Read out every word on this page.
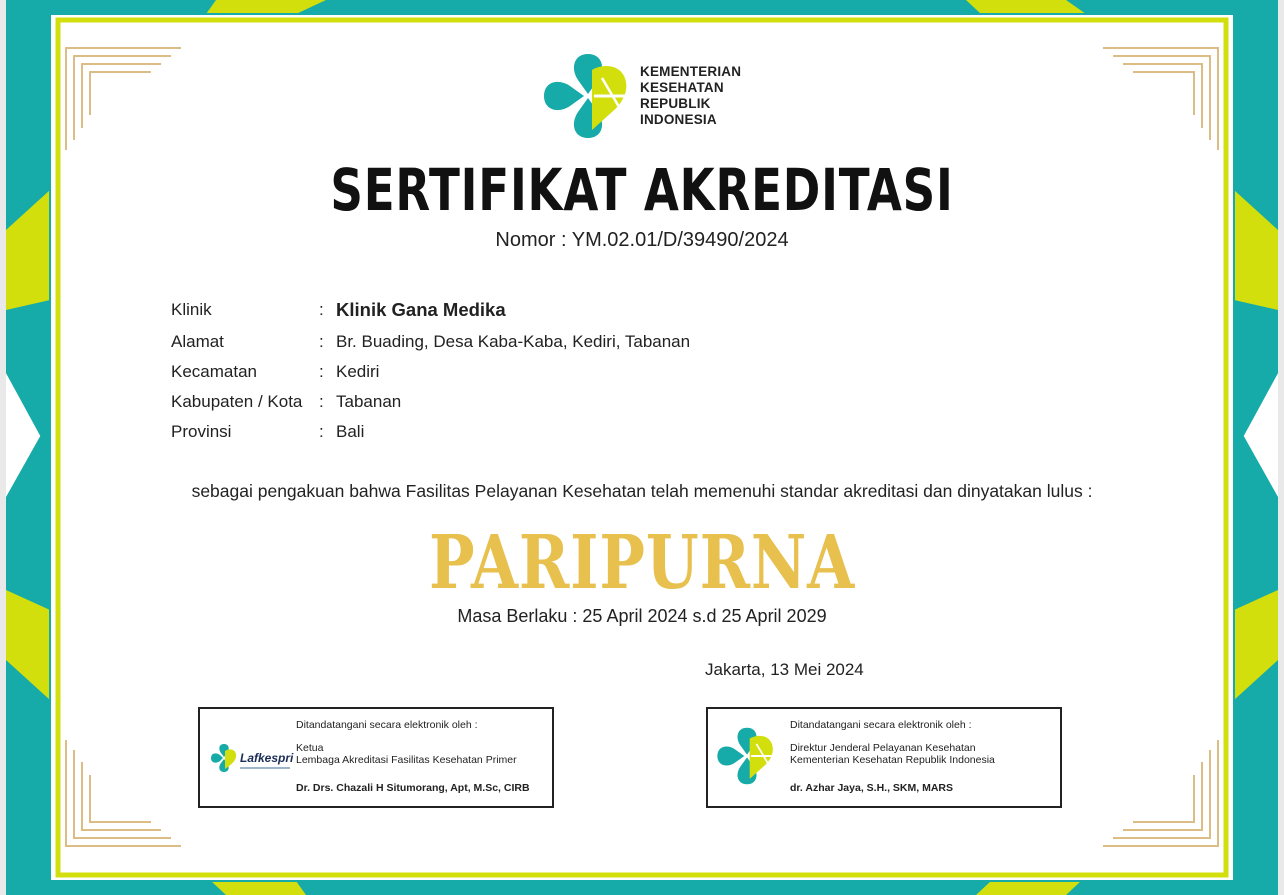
KEMENTERIAN
KESEHATAN
REPUBLIK
INDONESIA

SERTIFIKAT AKREDITASI
Nomor : YM.02.01/D/39490/2024
Klinik	: Klinik Gana Medika
Alamat	: Br. Buading, Desa Kaba-Kaba, Kediri, Tabanan
Kecamatan	: Kediri
Kabupaten / Kota : Tabanan
Provinsi	: Bali
sebagai pengakuan bahwa Fasilitas Pelayanan Kesehatan telah memenuhi standar akreditasi dan dinyatakan lulus :
PARIPURNA
Masa Berlaku : 25 April 2024 s.d 25 April 2029
Jakarta, 13 Mei 2024
Ditandatangani secara elektronik oleh :
Lafkespri
Ketua
Lembaga Akreditasi Fasilitas Kesehatan Primer
Dr. Drs. Chazali H Situmorang, Apt, M.Sc, CIRB
Ditandatangani secara elektronik oleh :
Direktur Jenderal Pelayanan Kesehatan
Kementerian Kesehatan Republik Indonesia
dr. Azhar Jaya, S.H., SKM, MARS
